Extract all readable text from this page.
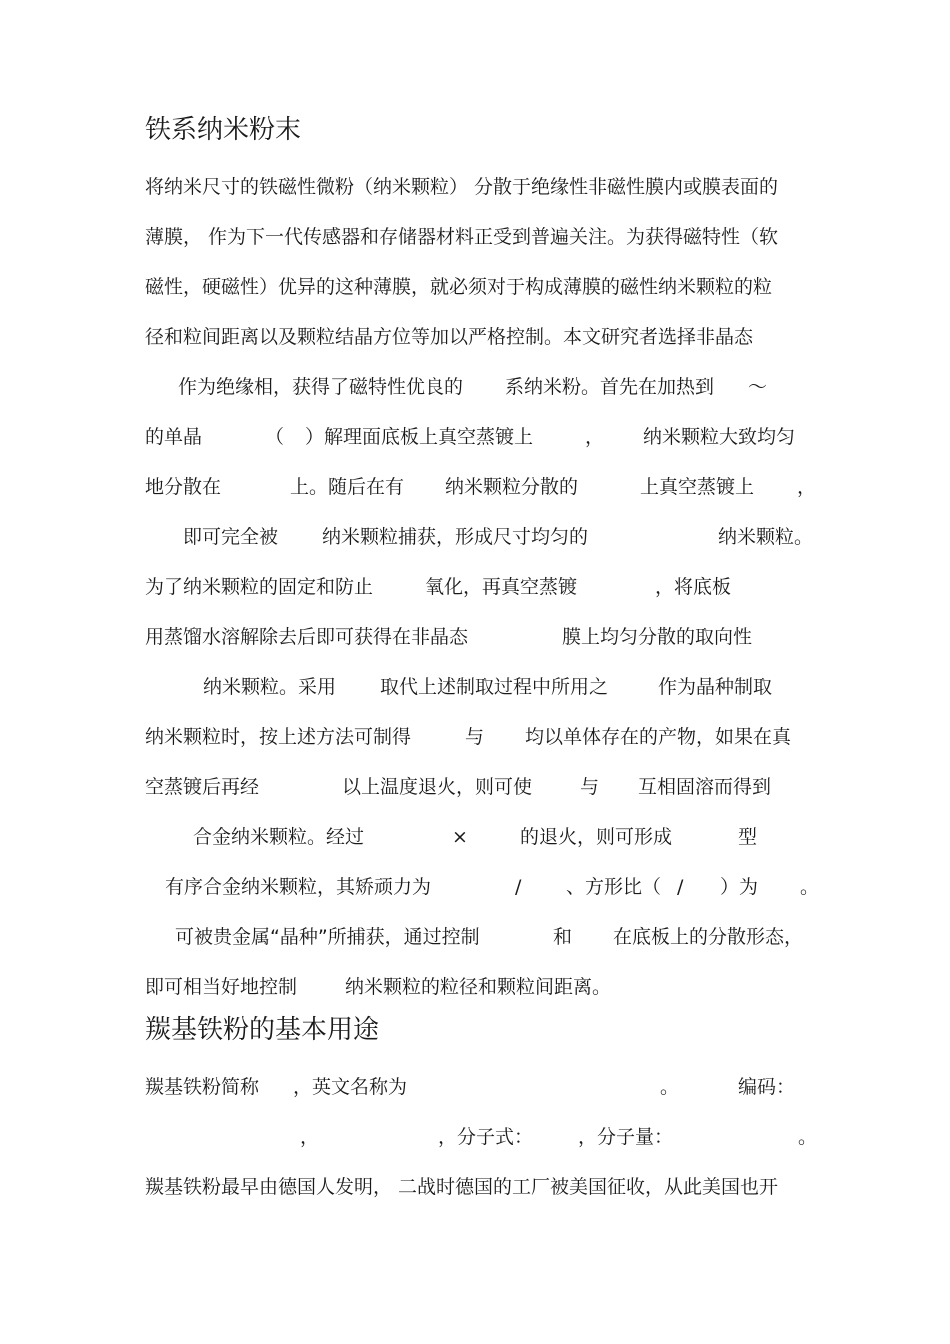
铁系纳米粉末
将纳米尺寸的铁磁性微粉（纳米颗粒） 分散于绝缘性非磁性膜内或膜表面的
薄膜， 作为下一代传感器和存储器材料正受到普遍关注。为获得磁特性（软
磁性，硬磁性）优异的这种薄膜，就必须对于构成薄膜的磁性纳米颗粒的粒
径和粒间距离以及颗粒结晶方位等加以严格控制。本文研究者选择非晶态
作为绝缘相，获得了磁特性优良的 系纳米粉。首先在加热到 ～
的单晶	（ ）解理面底板上真空蒸镀上	， 纳米颗粒大致均匀
地分散在	上。随后在有 纳米颗粒分散的	上真空蒸镀上 ，
即可完全被 纳米颗粒捕获，形成尺寸均匀的	纳米颗粒。
为了纳米颗粒的固定和防止	氧化，再真空蒸镀	，将底板
用蒸馏水溶解除去后即可获得在非晶态	膜上均匀分散的取向性
纳米颗粒。采用 取代上述制取过程中所用之	作为晶种制取
纳米颗粒时，按上述方法可制得	与 均以单体存在的产物，如果在真
空蒸镀后再经	以上温度退火，则可使	与 互相固溶而得到
合金纳米颗粒。经过	×	的退火，则可形成	型
有序合金纳米颗粒，其矫顽力为	/ 、方形比（ / ）为 。
可被贵金属“晶种”所捕获，通过控制	和 在底板上的分散形态，
即可相当好地控制	纳米颗粒的粒径和颗粒间距离。
羰基铁粉的基本用途
羰基铁粉简称 ，英文名称为	。	编码：
，	，分子式： ，分子量：	。
羰基铁粉最早由德国人发明， 二战时德国的工厂被美国征收，从此美国也开
